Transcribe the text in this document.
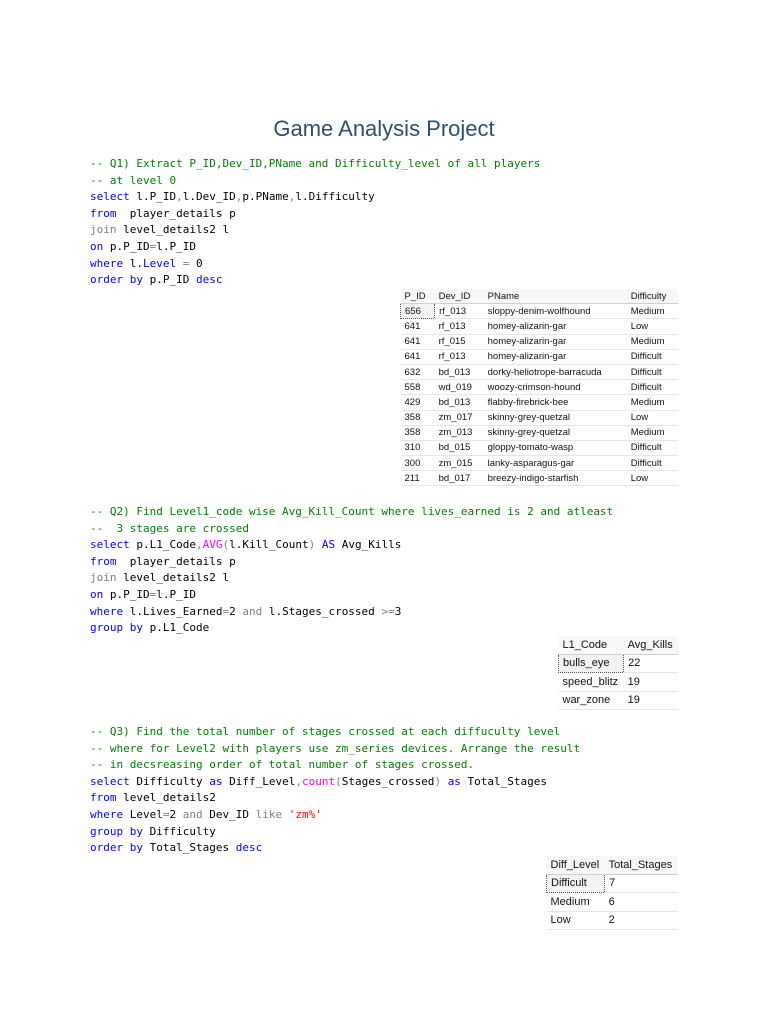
Game Analysis Project
-- Q1) Extract P_ID,Dev_ID,PName and Difficulty_level of all players
-- at level 0
select l.P_ID,l.Dev_ID,p.PName,l.Difficulty
from  player_details p
join level_details2 l
on p.P_ID=l.P_ID
where l.Level = 0
order by p.P_ID desc
P_ID	Dev_ID	PName	Difficulty
656	rf_013	sloppy-denim-wolfhound	Medium
641	rf_013	homey-alizarin-gar	Low
641	rf_015	homey-alizarin-gar	Medium
641	rf_013	homey-alizarin-gar	Difficult
632	bd_013	dorky-heliotrope-barracuda	Difficult
558	wd_019	woozy-crimson-hound	Difficult
429	bd_013	flabby-firebrick-bee	Medium
358	zm_017	skinny-grey-quetzal	Low
358	zm_013	skinny-grey-quetzal	Medium
310	bd_015	gloppy-tomato-wasp	Difficult
300	zm_015	lanky-asparagus-gar	Difficult
211	bd_017	breezy-indigo-starfish	Low
-- Q2) Find Level1_code wise Avg_Kill_Count where lives_earned is 2 and atleast
--  3 stages are crossed
select p.L1_Code,AVG(l.Kill_Count) AS Avg_Kills
from  player_details p
join level_details2 l
on p.P_ID=l.P_ID
where l.Lives_Earned=2 and l.Stages_crossed >=3
group by p.L1_Code
L1_Code	Avg_Kills
bulls_eye	22
speed_blitz	19
war_zone	19
-- Q3) Find the total number of stages crossed at each diffuculty level
-- where for Level2 with players use zm_series devices. Arrange the result
-- in decsreasing order of total number of stages crossed.
select Difficulty as Diff_Level,count(Stages_crossed) as Total_Stages
from level_details2
where Level=2 and Dev_ID like 'zm%'
group by Difficulty
order by Total_Stages desc
Diff_Level	Total_Stages
Difficult	7
Medium	6
Low	2
